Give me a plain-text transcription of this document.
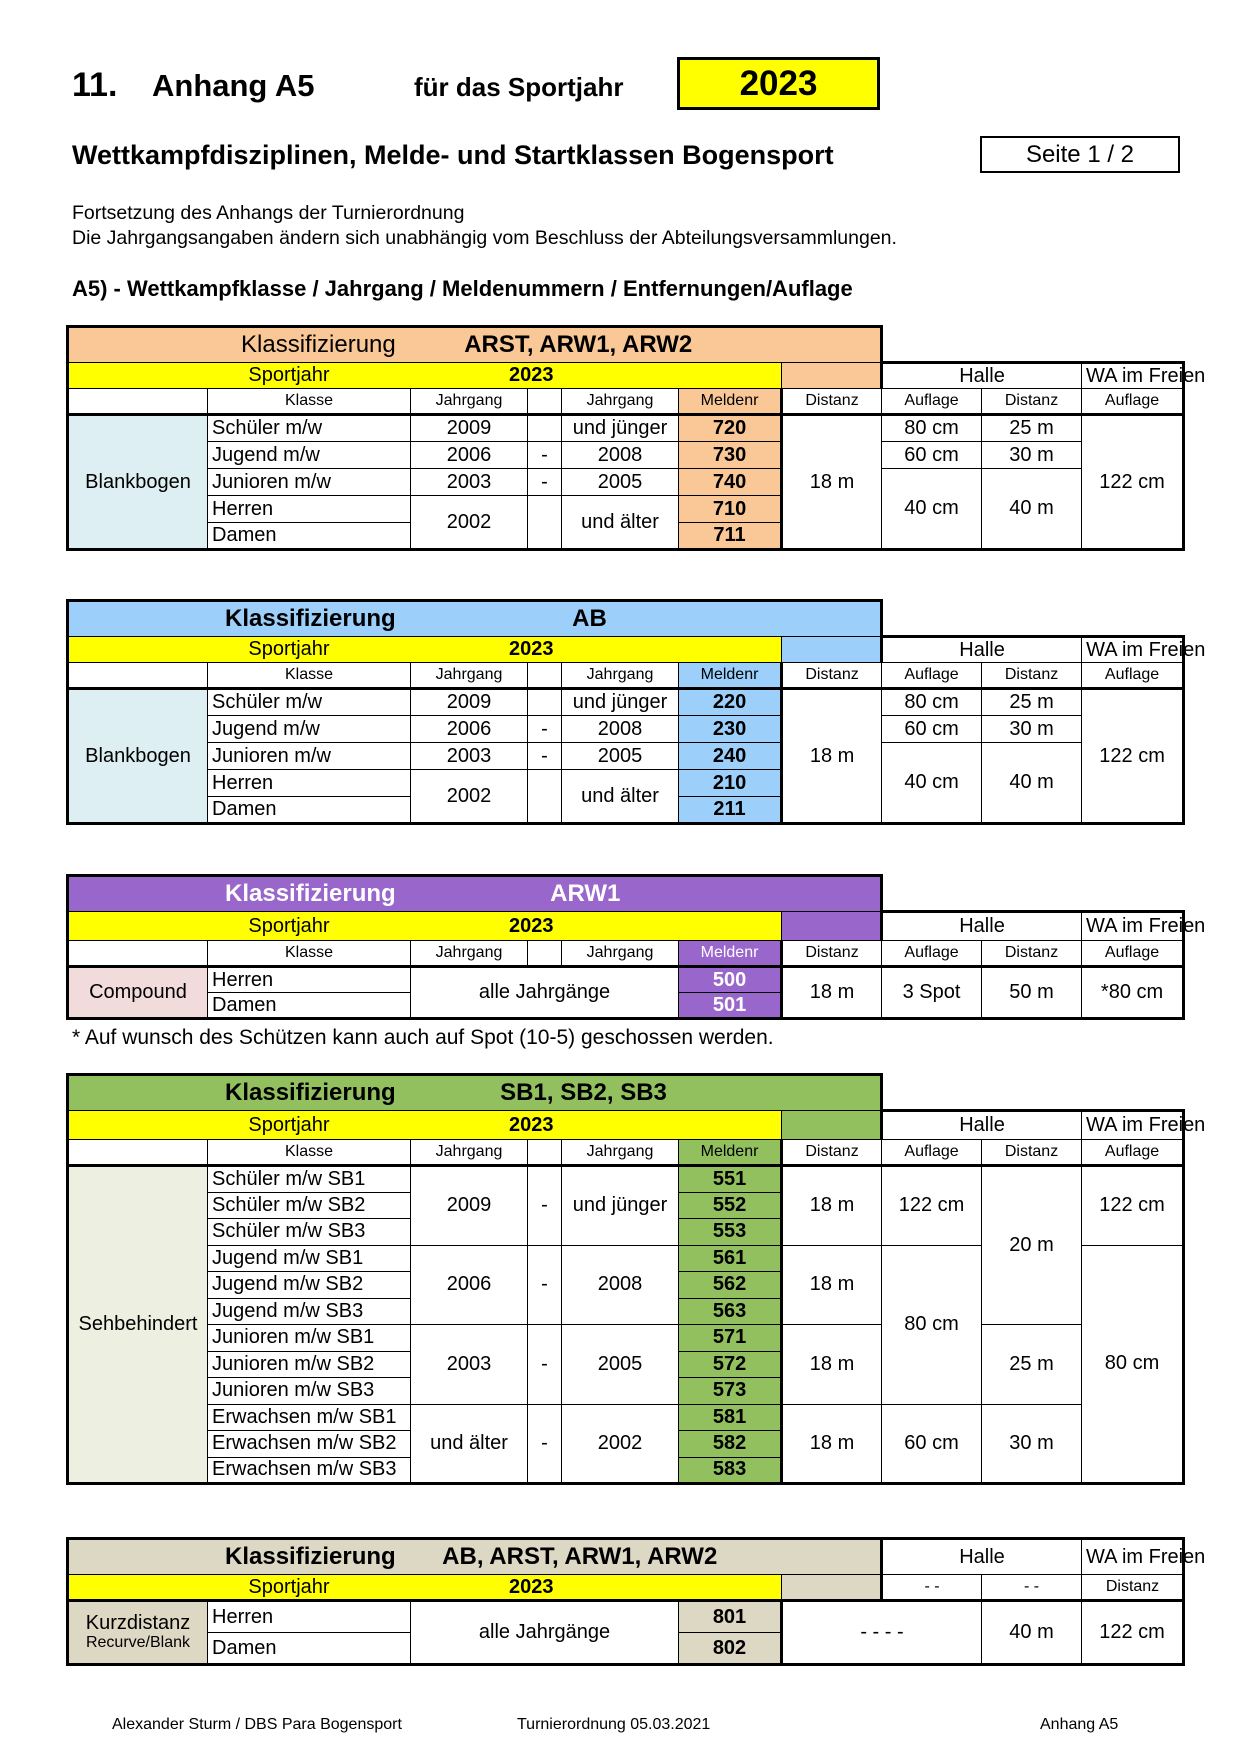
11. Anhang A5	für das Sportjahr	2023
Wettkampfdisziplinen, Melde- und Startklassen Bogensport	Seite 1 / 2
Fortsetzung des Anhangs der Turnierordnung
Die Jahrgangsangaben ändern sich unabhängig vom Beschluss der Abteilungsversammlungen.
A5) - Wettkampfklasse / Jahrgang / Meldenummern / Entfernungen/Auflage
Klassifizierung ARST, ARW1, ARW2									
Sportjahr 2023							Halle		WA im Freien
	Klasse	Jahrgang		Jahrgang	Meldenr	Distanz	Auflage	Distanz	Auflage
Blankbogen	Schüler m/w	2009		und jünger	720	18 m	80 cm	25 m	122 cm
	Jugend m/w	2006	-	2008	730		60 cm	30 m	
	Junioren m/w	2003	-	2005	740		40 cm	40 m	
	Herren	2002		und älter	710				
	Damen				711				
Klassifizierung AB									
Sportjahr 2023							Halle		WA im Freien
	Klasse	Jahrgang		Jahrgang	Meldenr	Distanz	Auflage	Distanz	Auflage
Blankbogen	Schüler m/w	2009		und jünger	220	18 m	80 cm	25 m	122 cm
	Jugend m/w	2006	-	2008	230		60 cm	30 m	
	Junioren m/w	2003	-	2005	240		40 cm	40 m	
	Herren	2002		und älter	210				
	Damen				211				
Klassifizierung ARW1									
Sportjahr 2023							Halle		WA im Freien
	Klasse	Jahrgang		Jahrgang	Meldenr	Distanz	Auflage	Distanz	Auflage
Compound	Herren	alle Jahrgänge			500	18 m	3 Spot	50 m	*80 cm
	Damen				501				
* Auf wunsch des Schützen kann auch auf Spot (10-5) geschossen werden.
Klassifizierung SB1, SB2, SB3									
Sportjahr 2023							Halle		WA im Freien
	Klasse	Jahrgang		Jahrgang	Meldenr	Distanz	Auflage	Distanz	Auflage
Sehbehindert	Schüler m/w SB1	2009	-	und jünger	551	18 m	122 cm	20 m	122 cm
	Schüler m/w SB2				552				
	Schüler m/w SB3				553				
	Jugend m/w SB1	2006	-	2008	561	18 m	80 cm		80 cm
	Jugend m/w SB2				562				
	Jugend m/w SB3				563				
	Junioren m/w SB1	2003	-	2005	571	18 m		25 m	
	Junioren m/w SB2				572				
	Junioren m/w SB3				573				
	Erwachsen m/w SB1	und älter	-	2002	581	18 m	60 cm	30 m	
	Erwachsen m/w SB2				582				
	Erwachsen m/w SB3				583				
Klassifizierung AB, ARST, ARW1, ARW2					Halle		WA im Freien	
Sportjahr 2023					- -	- -	Distanz	

Kurzdistanz
Recurve/Blank	Herren	alle Jahrgänge	801	- - - -		40 m	122 cm	
	Damen		802					
Alexander Sturm / DBS Para Bogensport	Turnierordnung 05.03.2021	Anhang A5
